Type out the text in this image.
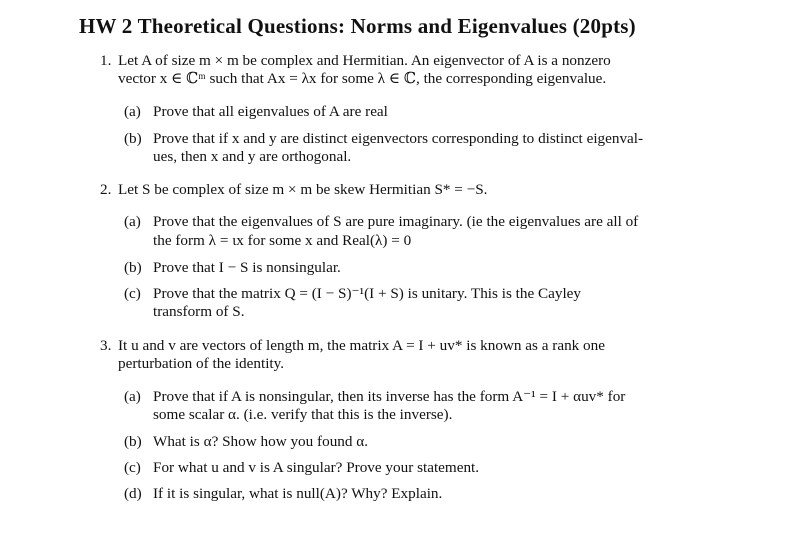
HW 2 Theoretical Questions: Norms and Eigenvalues (20pts)
1. Let A of size m × m be complex and Hermitian. An eigenvector of A is a nonzero
vector x ∈ ℂᵐ such that Ax = λx for some λ ∈ ℂ, the corresponding eigenvalue.
(a) Prove that all eigenvalues of A are real
(b) Prove that if x and y are distinct eigenvectors corresponding to distinct eigenval-
ues, then x and y are orthogonal.
2. Let S be complex of size m × m be skew Hermitian S* = −S.
(a) Prove that the eigenvalues of S are pure imaginary. (ie the eigenvalues are all of
the form λ = ιx for some x and Real(λ) = 0
(b) Prove that I − S is nonsingular.
(c) Prove that the matrix Q = (I − S)⁻¹(I + S) is unitary. This is the Cayley
transform of S.
3. It u and v are vectors of length m, the matrix A = I + uv* is known as a rank one
perturbation of the identity.
(a) Prove that if A is nonsingular, then its inverse has the form A⁻¹ = I + αuv* for
some scalar α. (i.e. verify that this is the inverse).
(b) What is α? Show how you found α.
(c) For what u and v is A singular? Prove your statement.
(d) If it is singular, what is null(A)? Why? Explain.
